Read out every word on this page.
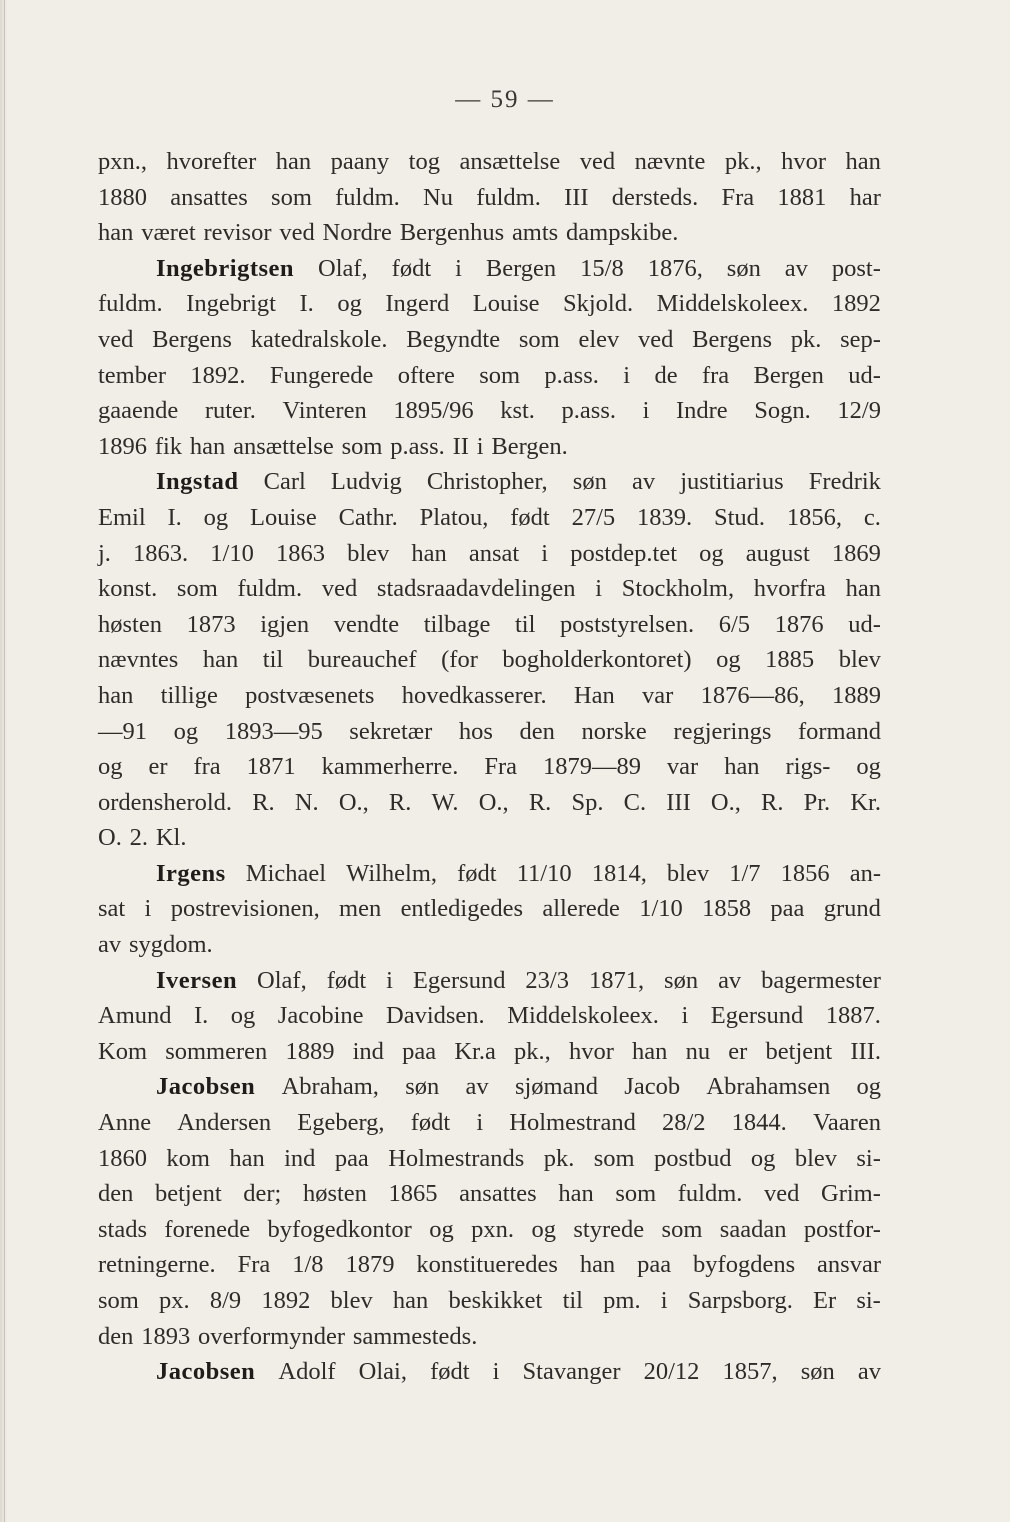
— 59 —
pxn., hvorefter han paany tog ansættelse ved nævnte pk., hvor han
1880 ansattes som fuldm. Nu fuldm. III dersteds. Fra 1881 har
han været revisor ved Nordre Bergenhus amts dampskibe.
Ingebrigtsen Olaf, født i Bergen 15/8 1876, søn av post-
fuldm. Ingebrigt I. og Ingerd Louise Skjold. Middelskoleex. 1892
ved Bergens katedralskole. Begyndte som elev ved Bergens pk. sep-
tember 1892. Fungerede oftere som p.ass. i de fra Bergen ud-
gaaende ruter. Vinteren 1895/96 kst. p.ass. i Indre Sogn. 12/9
1896 fik han ansættelse som p.ass. II i Bergen.
Ingstad Carl Ludvig Christopher, søn av justitiarius Fredrik
Emil I. og Louise Cathr. Platou, født 27/5 1839. Stud. 1856, c.
j. 1863. 1/10 1863 blev han ansat i postdep.tet og august 1869
konst. som fuldm. ved stadsraadavdelingen i Stockholm, hvorfra han
høsten 1873 igjen vendte tilbage til poststyrelsen. 6/5 1876 ud-
nævntes han til bureauchef (for bogholderkontoret) og 1885 blev
han tillige postvæsenets hovedkasserer. Han var 1876—86, 1889
—91 og 1893—95 sekretær hos den norske regjerings formand
og er fra 1871 kammerherre. Fra 1879—89 var han rigs- og
ordensherold. R. N. O., R. W. O., R. Sp. C. III O., R. Pr. Kr.
O. 2. Kl.
Irgens Michael Wilhelm, født 11/10 1814, blev 1/7 1856 an-
sat i postrevisionen, men entledigedes allerede 1/10 1858 paa grund
av sygdom.
Iversen Olaf, født i Egersund 23/3 1871, søn av bagermester
Amund I. og Jacobine Davidsen. Middelskoleex. i Egersund 1887.
Kom sommeren 1889 ind paa Kr.a pk., hvor han nu er betjent III.
Jacobsen Abraham, søn av sjømand Jacob Abrahamsen og
Anne Andersen Egeberg, født i Holmestrand 28/2 1844. Vaaren
1860 kom han ind paa Holmestrands pk. som postbud og blev si-
den betjent der; høsten 1865 ansattes han som fuldm. ved Grim-
stads forenede byfogedkontor og pxn. og styrede som saadan postfor-
retningerne. Fra 1/8 1879 konstitueredes han paa byfogdens ansvar
som px. 8/9 1892 blev han beskikket til pm. i Sarpsborg. Er si-
den 1893 overformynder sammesteds.
Jacobsen Adolf Olai, født i Stavanger 20/12 1857, søn av
